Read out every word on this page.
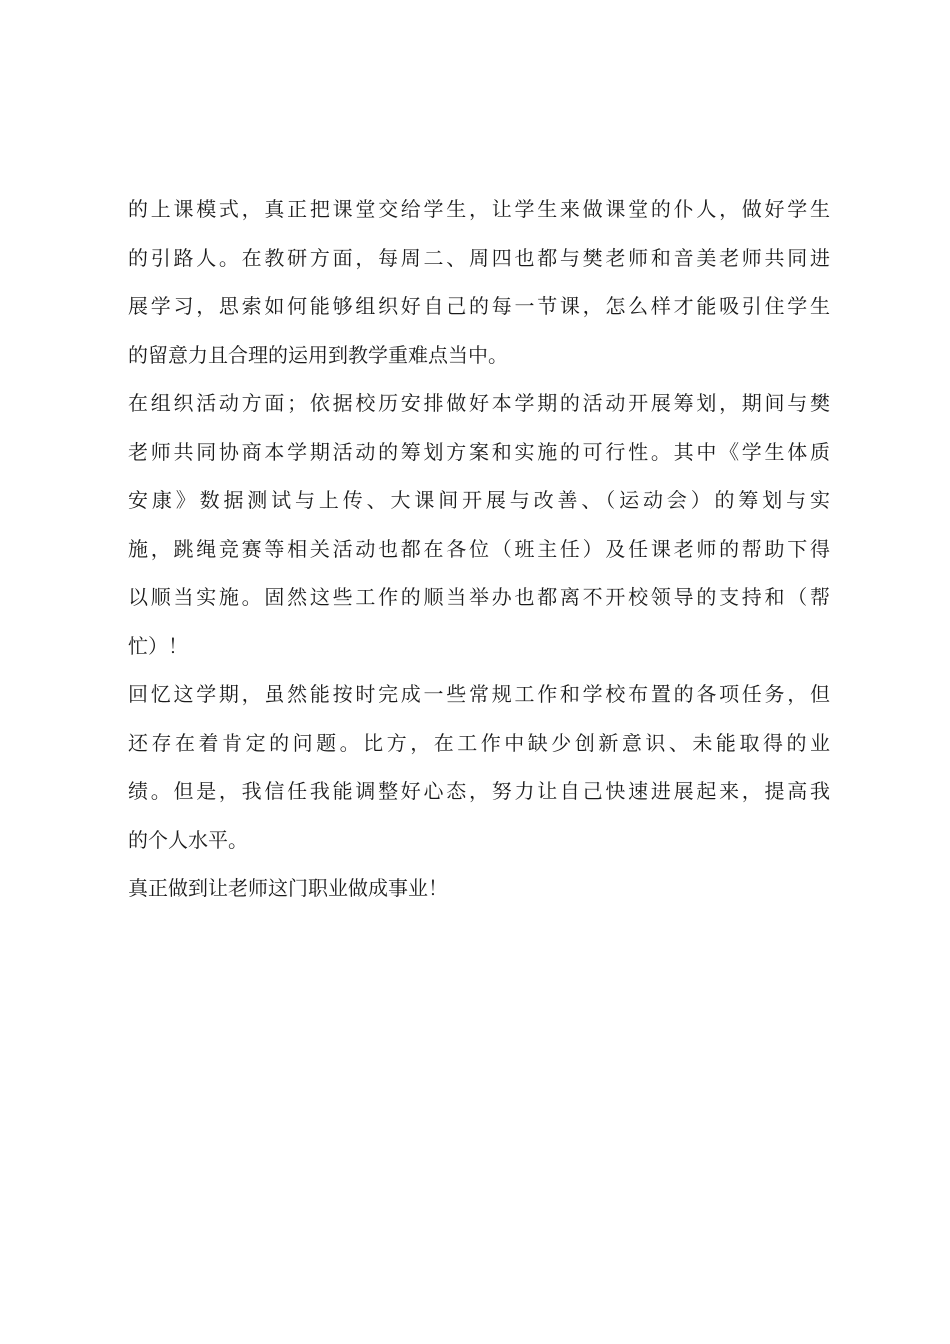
的上课模式，真正把课堂交给学生，让学生来做课堂的仆人，做好学生
的引路人。在教研方面，每周二、周四也都与樊老师和音美老师共同进
展学习，思索如何能够组织好自己的每一节课，怎么样才能吸引住学生
的留意力且合理的运用到教学重难点当中。
在组织活动方面；依据校历安排做好本学期的活动开展筹划，期间与樊
老师共同协商本学期活动的筹划方案和实施的可行性。其中《学生体质
安康》数据测试与上传、大课间开展与改善、（运动会）的筹划与实
施，跳绳竞赛等相关活动也都在各位（班主任）及任课老师的帮助下得
以顺当实施。固然这些工作的顺当举办也都离不开校领导的支持和（帮
忙）！
回忆这学期，虽然能按时完成一些常规工作和学校布置的各项任务，但
还存在着肯定的问题。比方，在工作中缺少创新意识、未能取得的业
绩。但是，我信任我能调整好心态，努力让自己快速进展起来，提高我
的个人水平。
真正做到让老师这门职业做成事业！
